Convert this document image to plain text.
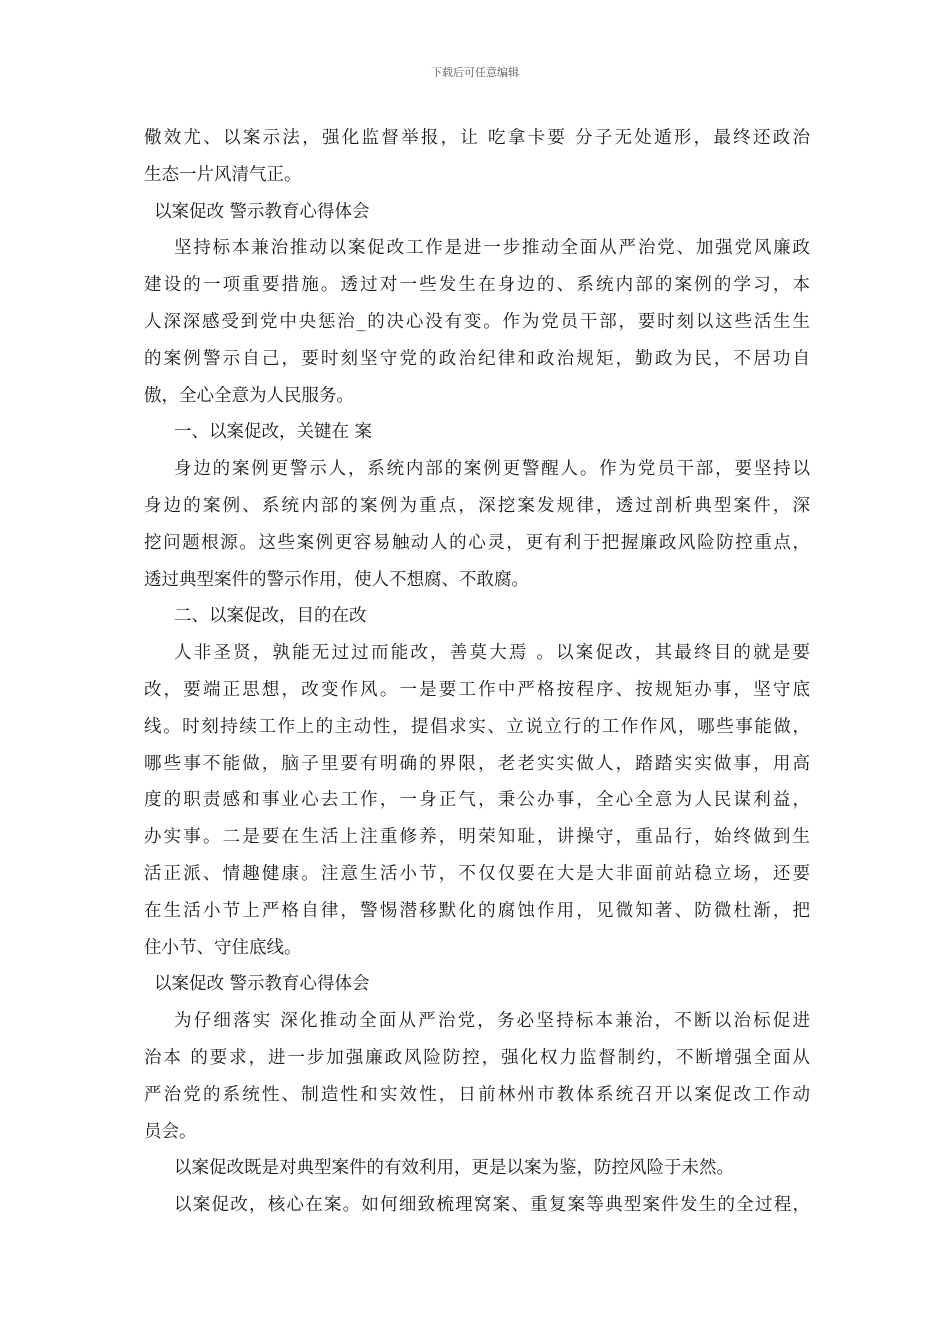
下载后可任意编辑
儆效尤、以案示法，强化监督举报，让 吃拿卡要 分子无处遁形，最终还政治
生态一片风清气正。
以案促改 警示教育心得体会
坚持标本兼治推动以案促改工作是进一步推动全面从严治党、加强党风廉政
建设的一项重要措施。透过对一些发生在身边的、系统内部的案例的学习，本
人深深感受到党中央惩治_的决心没有变。作为党员干部，要时刻以这些活生生
的案例警示自己，要时刻坚守党的政治纪律和政治规矩，勤政为民，不居功自
傲，全心全意为人民服务。
一、以案促改，关键在 案
身边的案例更警示人，系统内部的案例更警醒人。作为党员干部，要坚持以
身边的案例、系统内部的案例为重点，深挖案发规律，透过剖析典型案件，深
挖问题根源。这些案例更容易触动人的心灵，更有利于把握廉政风险防控重点，
透过典型案件的警示作用，使人不想腐、不敢腐。
二、以案促改，目的在改
人非圣贤，孰能无过过而能改，善莫大焉 。以案促改，其最终目的就是要
改，要端正思想，改变作风。一是要工作中严格按程序、按规矩办事，坚守底
线。时刻持续工作上的主动性，提倡求实、立说立行的工作作风，哪些事能做，
哪些事不能做，脑子里要有明确的界限，老老实实做人，踏踏实实做事，用高
度的职责感和事业心去工作，一身正气，秉公办事，全心全意为人民谋利益，
办实事。二是要在生活上注重修养，明荣知耻，讲操守，重品行，始终做到生
活正派、情趣健康。注意生活小节，不仅仅要在大是大非面前站稳立场，还要
在生活小节上严格自律，警惕潜移默化的腐蚀作用，见微知著、防微杜渐，把
住小节、守住底线。
以案促改 警示教育心得体会
为仔细落实 深化推动全面从严治党，务必坚持标本兼治，不断以治标促进
治本 的要求，进一步加强廉政风险防控，强化权力监督制约，不断增强全面从
严治党的系统性、制造性和实效性，日前林州市教体系统召开以案促改工作动
员会。
以案促改既是对典型案件的有效利用，更是以案为鉴，防控风险于未然。
以案促改，核心在案。如何细致梳理窝案、重复案等典型案件发生的全过程，
